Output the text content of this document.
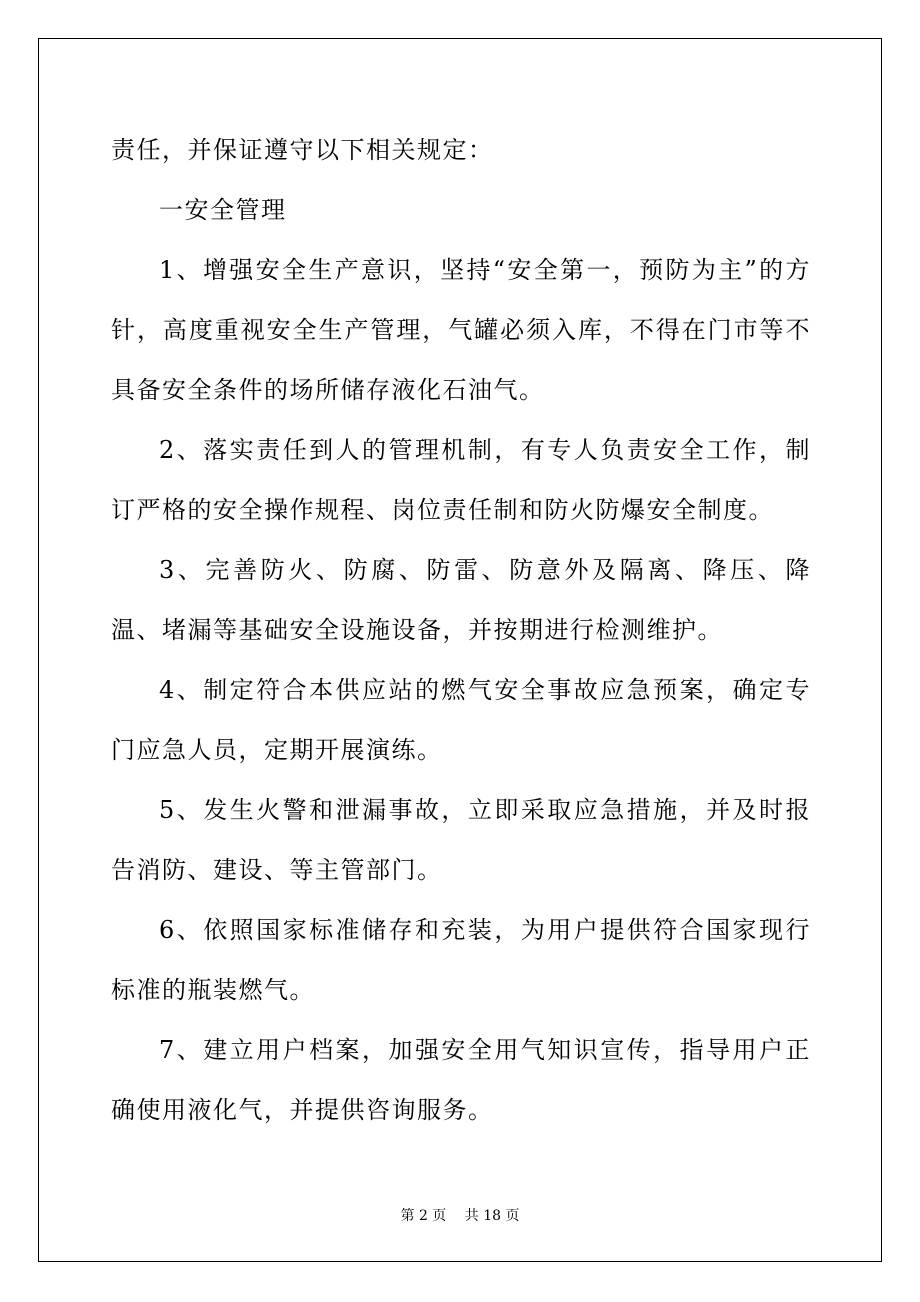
责任，并保证遵守以下相关规定：

一安全管理

1、增强安全生产意识，坚持“安全第一，预防为主”的方针，高度重视安全生产管理，气罐必须入库，不得在门市等不具备安全条件的场所储存液化石油气。

2、落实责任到人的管理机制，有专人负责安全工作，制订严格的安全操作规程、岗位责任制和防火防爆安全制度。

3、完善防火、防腐、防雷、防意外及隔离、降压、降温、堵漏等基础安全设施设备，并按期进行检测维护。

4、制定符合本供应站的燃气安全事故应急预案，确定专门应急人员，定期开展演练。

5、发生火警和泄漏事故，立即采取应急措施，并及时报告消防、建设、等主管部门。

6、依照国家标准储存和充装，为用户提供符合国家现行标准的瓶装燃气。

7、建立用户档案，加强安全用气知识宣传，指导用户正确使用液化气，并提供咨询服务。

第 2 页 共 18 页
